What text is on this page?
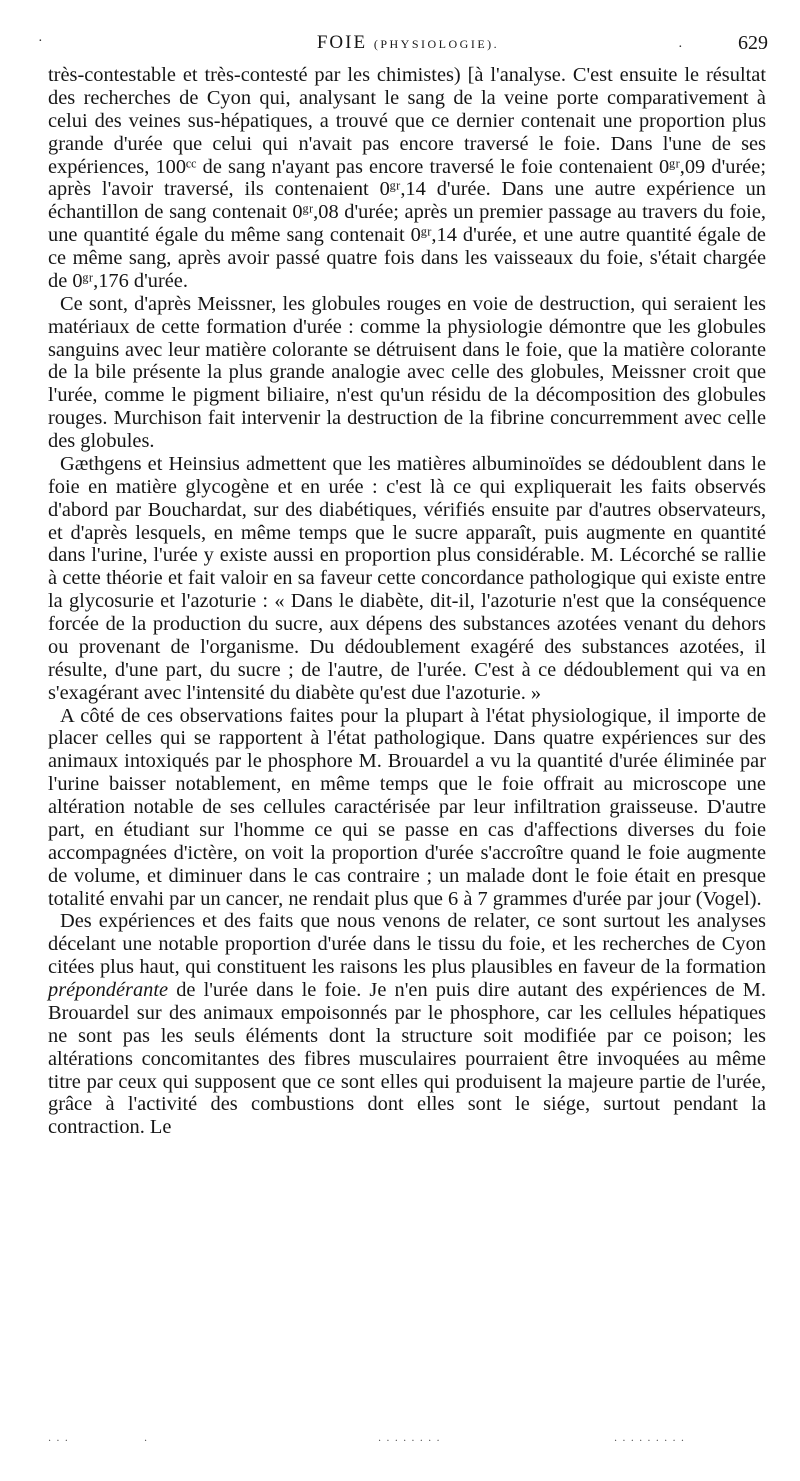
FOIE (PHYSIOLOGIE).	629
·	·

très-contestable et très-contesté par les chimistes) [à l'analyse. C'est ensuite le résultat des recherches de Cyon qui, analysant le sang de la veine porte comparativement à celui des veines sus-hépatiques, a trouvé que ce dernier contenait une proportion plus grande d'urée que celui qui n'avait pas encore traversé le foie. Dans l'une de ses expériences, 100ᶜᶜ de sang n'ayant pas encore traversé le foie contenaient 0ᵍʳ,09 d'urée; après l'avoir traversé, ils contenaient 0ᵍʳ,14 d'urée. Dans une autre expérience un échantillon de sang contenait 0ᵍʳ,08 d'urée; après un premier passage au travers du foie, une quantité égale du même sang contenait 0ᵍʳ,14 d'urée, et une autre quantité égale de ce même sang, après avoir passé quatre fois dans les vaisseaux du foie, s'était chargée de 0ᵍʳ,176 d'urée.

Ce sont, d'après Meissner, les globules rouges en voie de destruction, qui seraient les matériaux de cette formation d'urée : comme la physiologie démontre que les globules sanguins avec leur matière colorante se détruisent dans le foie, que la matière colorante de la bile présente la plus grande analogie avec celle des globules, Meissner croit que l'urée, comme le pigment biliaire, n'est qu'un résidu de la décomposition des globules rouges. Murchison fait intervenir la destruction de la fibrine concurremment avec celle des globules.

Gæthgens et Heinsius admettent que les matières albuminoïdes se dédoublent dans le foie en matière glycogène et en urée : c'est là ce qui expliquerait les faits observés d'abord par Bouchardat, sur des diabétiques, vérifiés ensuite par d'autres observateurs, et d'après lesquels, en même temps que le sucre apparaît, puis augmente en quantité dans l'urine, l'urée y existe aussi en proportion plus considérable. M. Lécorché se rallie à cette théorie et fait valoir en sa faveur cette concordance pathologique qui existe entre la glycosurie et l'azoturie : « Dans le diabète, dit-il, l'azoturie n'est que la conséquence forcée de la production du sucre, aux dépens des substances azotées venant du dehors ou provenant de l'organisme. Du dédoublement exagéré des substances azotées, il résulte, d'une part, du sucre ; de l'autre, de l'urée. C'est à ce dédoublement qui va en s'exagérant avec l'intensité du diabète qu'est due l'azoturie. »

A côté de ces observations faites pour la plupart à l'état physiologique, il importe de placer celles qui se rapportent à l'état pathologique. Dans quatre expériences sur des animaux intoxiqués par le phosphore M. Brouardel a vu la quantité d'urée éliminée par l'urine baisser notablement, en même temps que le foie offrait au microscope une altération notable de ses cellules caractérisée par leur infiltration graisseuse. D'autre part, en étudiant sur l'homme ce qui se passe en cas d'affections diverses du foie accompagnées d'ictère, on voit la proportion d'urée s'accroître quand le foie augmente de volume, et diminuer dans le cas contraire ; un malade dont le foie était en presque totalité envahi par un cancer, ne rendait plus que 6 à 7 grammes d'urée par jour (Vogel).

Des expériences et des faits que nous venons de relater, ce sont surtout les analyses décelant une notable proportion d'urée dans le tissu du foie, et les recherches de Cyon citées plus haut, qui constituent les raisons les plus plausibles en faveur de la formation prépondérante de l'urée dans le foie. Je n'en puis dire autant des expériences de M. Brouardel sur des animaux empoisonnés par le phosphore, car les cellules hépatiques ne sont pas les seuls éléments dont la structure soit modifiée par ce poison; les altérations concomitantes des fibres musculaires pourraient être invoquées au même titre par ceux qui supposent que ce sont elles qui produisent la majeure partie de l'urée, grâce à l'activité des combustions dont elles sont le siége, surtout pendant la contraction. Le

· · ·	·	· · · · · · · ·	· · · · · · · · ·
